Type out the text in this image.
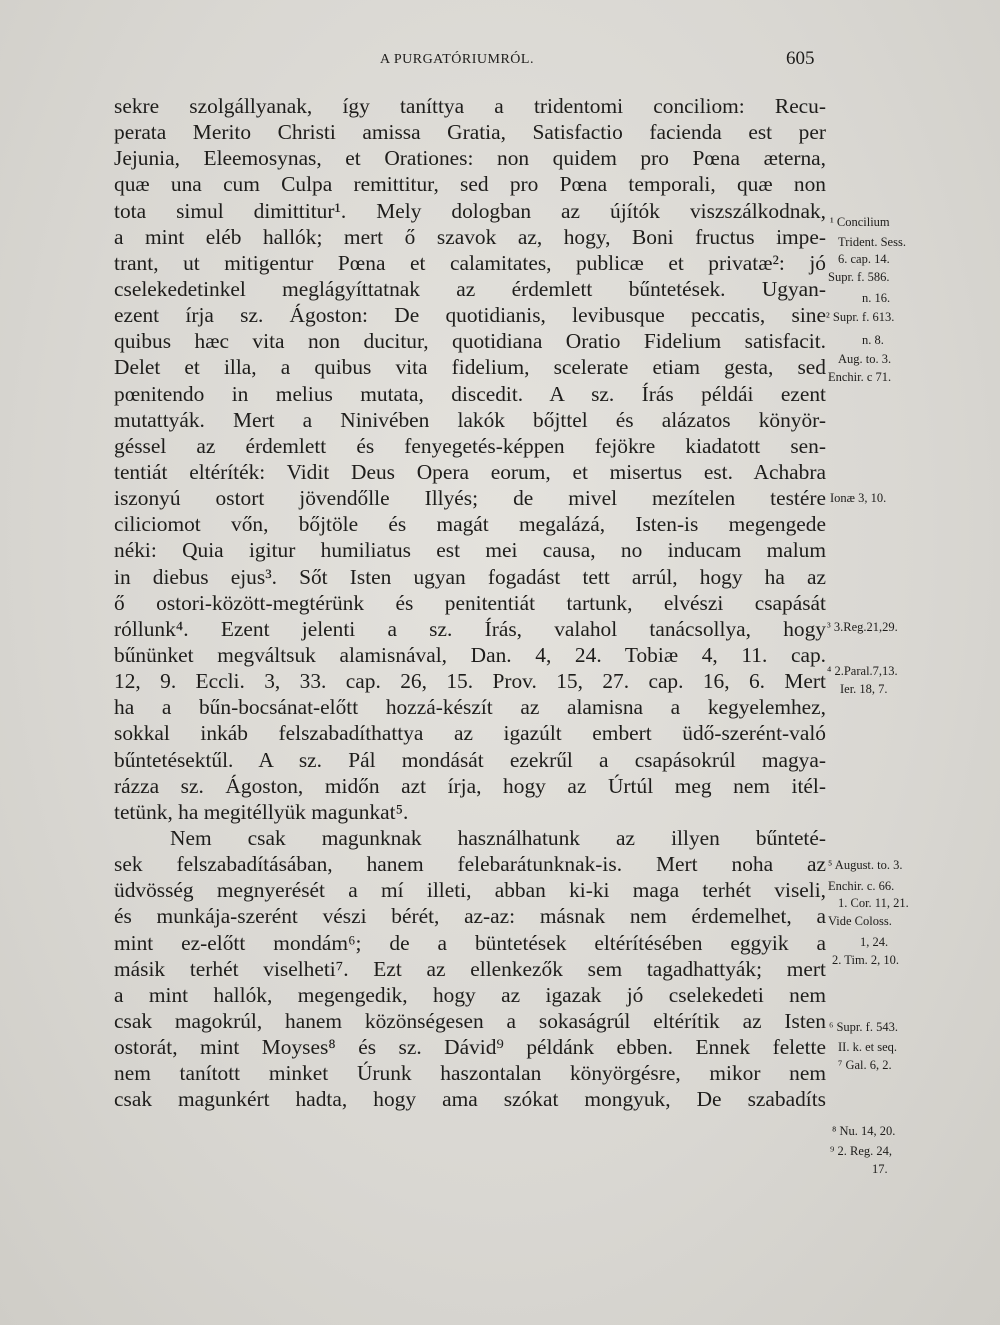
A PURGATÓRIUMRÓL.	605
sekre szolgállyanak, így taníttya a tridentomi conciliom: Recu-
perata Merito Christi amissa Gratia, Satisfactio facienda est per
Jejunia, Eleemosynas, et Orationes: non quidem pro Pœna æterna,
quæ una cum Culpa remittitur, sed pro Pœna temporali, quæ non
tota simul dimittitur¹. Mely dologban az újítók viszszálkodnak,
a mint eléb hallók; mert ő szavok az, hogy, Boni fructus impe-
trant, ut mitigentur Pœna et calamitates, publicæ et privatæ²: jó
cselekedetinkel meglágyíttatnak az érdemlett bűntetések. Ugyan-
ezent írja sz. Ágoston: De quotidianis, levibusque peccatis, sine
quibus hæc vita non ducitur, quotidiana Oratio Fidelium satisfacit.
Delet et illa, a quibus vita fidelium, scelerate etiam gesta, sed
pœnitendo in melius mutata, discedit. A sz. Írás példái ezent
mutattyák. Mert a Ninivében lakók bőjttel és alázatos könyör-
géssel az érdemlett és fenyegetés-képpen fejökre kiadatott sen-
tentiát eltéríték: Vidit Deus Opera eorum, et misertus est. Achabra
iszonyú ostort jövendőlle Illyés; de mivel mezítelen testére
ciliciomot vőn, bőjtöle és magát megalázá, Isten-is megengede
néki: Quia igitur humiliatus est mei causa, no inducam malum
in diebus ejus³. Sőt Isten ugyan fogadást tett arrúl, hogy ha az
ő ostori-között-megtérünk és penitentiát tartunk, elvészi csapását
róllunk⁴. Ezent jelenti a sz. Írás, valahol tanácsollya, hogy
bűnünket megváltsuk alamisnával, Dan. 4, 24. Tobiæ 4, 11. cap.
12, 9. Eccli. 3, 33. cap. 26, 15. Prov. 15, 27. cap. 16, 6. Mert
ha a bűn-bocsánat-előtt hozzá-készít az alamisna a kegyelemhez,
sokkal inkáb felszabadíthattya az igazúlt embert üdő-szerént-való
bűntetésektűl. A sz. Pál mondását ezekrűl a csapásokrúl magya-
rázza sz. Ágoston, midőn azt írja, hogy az Úrtúl meg nem itél-
tetünk, ha megitéllyük magunkat⁵.
Nem csak magunknak használhatunk az illyen bűnteté-
sek felszabadításában, hanem felebarátunknak-is. Mert noha az
üdvösség megnyerését a mí illeti, abban ki-ki maga terhét viseli,
és munkája-szerént vészi bérét, az-az: másnak nem érdemelhet, a
mint ez-előtt mondám⁶; de a büntetések eltérítésében eggyik a
másik terhét viselheti⁷. Ezt az ellenkezők sem tagadhattyák; mert
a mint hallók, megengedik, hogy az igazak jó cselekedeti nem
csak magokrúl, hanem közönségesen a sokaságrúl eltérítik az Isten
ostorát, mint Moyses⁸ és sz. Dávid⁹ példánk ebben. Ennek felette
nem tanított minket Úrunk haszontalan könyörgésre, mikor nem
csak magunkért hadta, hogy ama szókat mongyuk, De szabadíts
¹ Concilium
Trident. Sess.
6. cap. 14.
Supr. f. 586.
n. 16.
² Supr. f. 613.
n. 8.
Aug. to. 3.
Enchir. c 71.
Ionæ 3, 10.
³ 3.Reg.21,29.
⁴ 2.Paral.7,13.
Ier. 18, 7.
⁵ August. to. 3.
Enchir. c. 66.
1. Cor. 11, 21.
Vide Coloss.
1, 24.
2. Tim. 2, 10.
⁶ Supr. f. 543.
II. k. et seq.
⁷ Gal. 6, 2.
⁸ Nu. 14, 20.
⁹ 2. Reg. 24,
17.
